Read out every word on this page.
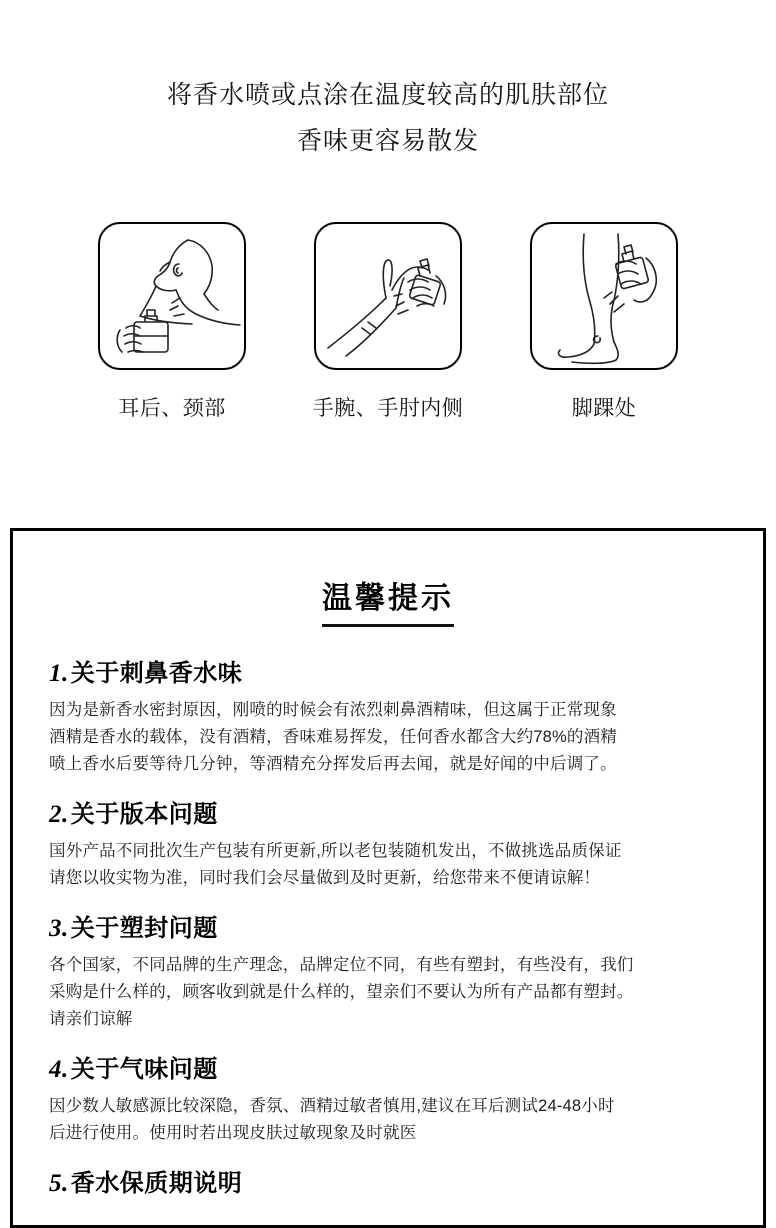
将香水喷或点涂在温度较高的肌肤部位
香味更容易散发
耳后、颈部	手腕、手肘内侧	脚踝处
温馨提示
1.关于刺鼻香水味

因为是新香水密封原因，刚喷的时候会有浓烈刺鼻酒精味，但这属于正常现象

酒精是香水的载体，没有酒精，香味难易挥发，任何香水都含大约78%的酒精

喷上香水后要等待几分钟，等酒精充分挥发后再去闻，就是好闻的中后调了。

2.关于版本问题

国外产品不同批次生产包装有所更新,所以老包装随机发出，不做挑选品质保证

请您以收实物为准，同时我们会尽量做到及时更新，给您带来不便请谅解！

3.关于塑封问题

各个国家，不同品牌的生产理念，品牌定位不同，有些有塑封，有些没有，我们

采购是什么样的，顾客收到就是什么样的，望亲们不要认为所有产品都有塑封。

请亲们谅解

4.关于气味问题

因少数人敏感源比较深隐，香氛、酒精过敏者慎用,建议在耳后测试24-48小时

后进行使用。使用时若出现皮肤过敏现象及时就医

5.香水保质期说明
